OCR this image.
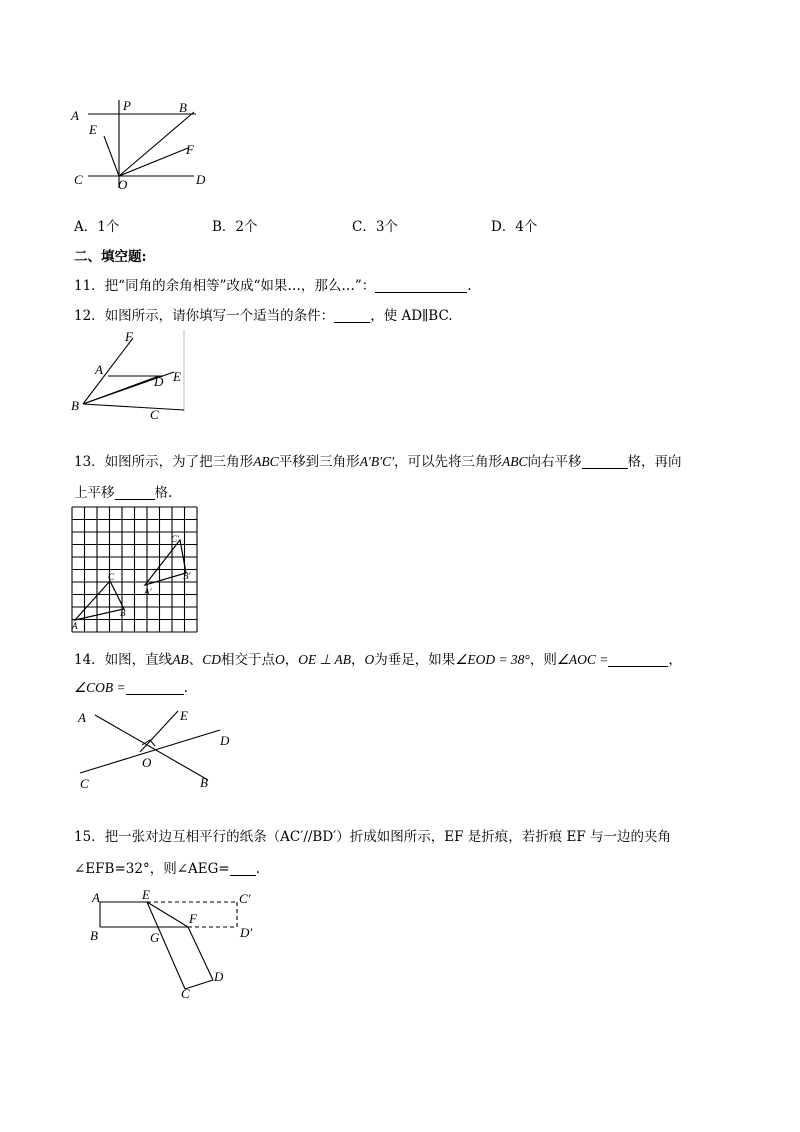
A
P	B
E
F
C	O	D
A．1个	B．2个	C．3个	D．4个
二、填空题:
11．把“同角的余角相等”改成“如果…，那么…”：	.
12．如图所示，请你填写一个适当的条件：	，使 AD∥BC.
F
A
D E
B
C
13．如图所示，为了把三角形ABC平移到三角形A′B′C′，可以先将三角形ABC向右平移	格，再向
上平移	格.
A
B
C
A′
B′
C′
14．如图，直线AB、CD相交于点O，OE ⊥ AB，O为垂足，如果∠EOD = 38°，则∠AOC =	，
∠COB =	.
A	E
D
O
C	B
15．把一张对边互相平行的纸条（AC′//BD′）折成如图所示，EF 是折痕，若折痕 EF 与一边的夹角
∠EFB=32°，则∠AEG= .
A	E	C′
F
B	G	D′
D
C
